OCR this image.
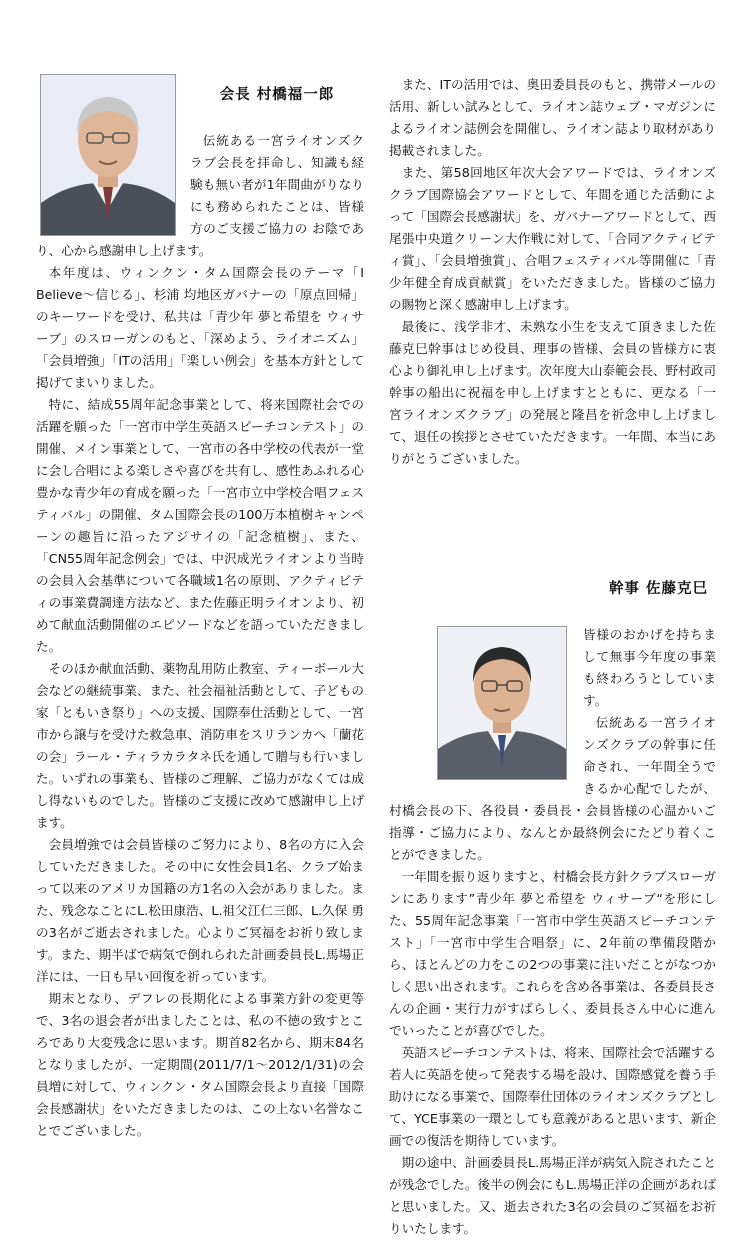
会長 村橋福一郎

伝統ある一宮ライオンズクラブ会長を拝命し、知識も経験も無い者が1年間曲がりなりにも務められたことは、皆様方のご支援ご協力の お陰であり、心から感謝申し上げます。

本年度は、ウィンクン・タム国際会長のテーマ「I Believe～信じる」、杉浦 均地区ガバナーの「原点回帰」のキーワードを受け、私共は「青少年 夢と希望を ウィサーブ」のスローガンのもと、「深めよう、ライオニズム」「会員増強」「ITの活用」「楽しい例会」を基本方針として掲げてまいりました。

特に、結成55周年記念事業として、将来国際社会での活躍を願った「一宮市中学生英語スピーチコンテスト」の開催、メイン事業として、一宮市の各中学校の代表が一堂に会し合唱による楽しさや喜びを共有し、感性あふれる心豊かな青少年の育成を願った「一宮市立中学校合唱フェスティバル」の開催、タム国際会長の100万本植樹キャンペーンの趣旨に沿ったアジサイの「記念植樹」、また、「CN55周年記念例会」では、中沢成光ライオンより当時の会員入会基準について各職域1名の原則、アクティビティの事業費調達方法など、また佐藤正明ライオンより、初めて献血活動開催のエピソードなどを語っていただきました。

そのほか献血活動、薬物乱用防止教室、ティーボール大会などの継続事業、また、社会福祉活動として、子どもの家「ともいき祭り」への支援、国際奉仕活動として、一宮市から譲与を受けた救急車、消防車をスリランカへ「蘭花の会」ラール・ティラカラタネ氏を通して贈与も行いました。いずれの事業も、皆様のご理解、ご協力がなくては成し得ないものでした。皆様のご支援に改めて感謝申し上げます。

会員増強では会員皆様のご努力により、8名の方に入会していただきました。その中に女性会員1名、クラブ始まって以来のアメリカ国籍の方1名の入会がありました。また、残念なことにL.松田康浩、L.祖父江仁三郎、L.久保 勇の3名がご逝去されました。心よりご冥福をお祈り致します。また、期半ばで病気で倒れられた計画委員長L.馬場正洋には、一日も早い回復を祈っています。

期末となり、デフレの長期化による事業方針の変更等で、3名の退会者が出ましたことは、私の不徳の致すところであり大変残念に思います。期首82名から、期末84名となりましたが、一定期間(2011/7/1～2012/1/31)の会員増に対して、ウィンクン・タム国際会長より直接「国際会長感謝状」をいただきましたのは、この上ない名誉なことでございました。

また、ITの活用では、奥田委員長のもと、携帯メールの活用、新しい試みとして、ライオン誌ウェブ・マガジンによるライオン誌例会を開催し、ライオン誌より取材があり掲載されました。

また、第58回地区年次大会アワードでは、ライオンズクラブ国際協会アワードとして、年間を通じた活動によって「国際会長感謝状」を、ガバナーアワードとして、西尾張中央道クリーン大作戦に対して、「合同アクティビティ賞」、「会員増強賞」、合唱フェスティバル等開催に「青少年健全育成貢献賞」をいただきました。皆様のご協力の賜物と深く感謝申し上げます。

最後に、浅学非才、未熟な小生を支えて頂きました佐藤克巳幹事はじめ役員、理事の皆様、会員の皆様方に衷心より御礼申し上げます。次年度大山泰範会長、野村政司幹事の船出に祝福を申し上げますとともに、更なる「一宮ライオンズクラブ」の発展と隆昌を祈念申し上げまして、退任の挨拶とさせていただきます。一年間、本当にありがとうございました。

幹事 佐藤克巳

皆様のおかげを持ちまして無事今年度の事業も終わろうとしています。

伝統ある一宮ライオンズクラブの幹事に任命され、一年間全うできるか心配でしたが、村橋会長の下、各役員・委員長・会員皆様の心温かいご指導・ご協力により、なんとか最終例会にたどり着くことができました。

一年間を振り返りますと、村橋会長方針クラブスローガンにあります”青少年 夢と希望を ウィサーブ“を形にした、55周年記念事業「一宮市中学生英語スピーチコンテスト」「一宮市中学生合唱祭」に、2年前の準備段階から、ほとんどの力をこの2つの事業に注いだことがなつかしく思い出されます。これらを含め各事業は、各委員長さんの企画・実行力がすばらしく、委員長さん中心に進んでいったことが喜びでした。

英語スピーチコンテストは、将来、国際社会で活躍する若人に英語を使って発表する場を設け、国際感覚を養う手助けになる事業で、国際奉仕団体のライオンズクラブとして、YCE事業の一環としても意義があると思います、新企画での復活を期待しています。

期の途中、計画委員長L.馬場正洋が病気入院されたことが残念でした。後半の例会にもL.馬場正洋の企画があればと思いました。又、逝去された3名の会員のご冥福をお祈りいたします。
